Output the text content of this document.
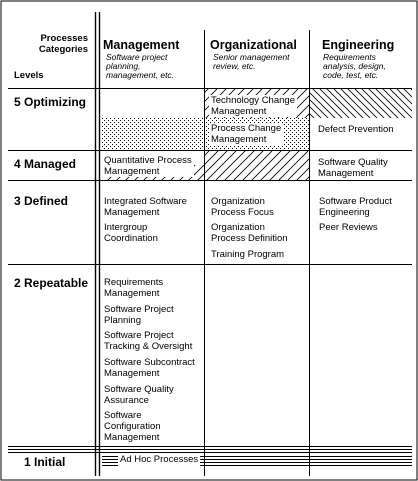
Processes
Categories
Levels
Management
Software project
planning,
management, etc.
Organizational
Senior management
review, etc.
Engineering
Requirements
analysis, design,
code, test, etc.
5 Optimizing
4 Managed
3 Defined
2 Repeatable
1 Initial
Technology Change
Management
Process Change
Management
Defect Prevention
Quantitative Process
Management
Software Quality
Management
Integrated Software
Management
Intergroup
Coordination
Organization
Process Focus
Organization
Process Definition
Training Program
Software Product
Engineering
Peer Reviews
Requirements
Management
Software Project
Planning
Software Project
Tracking & Oversight
Software Subcontract
Management
Software Quality
Assurance
Software
Configuration
Management
Ad Hoc Processes
